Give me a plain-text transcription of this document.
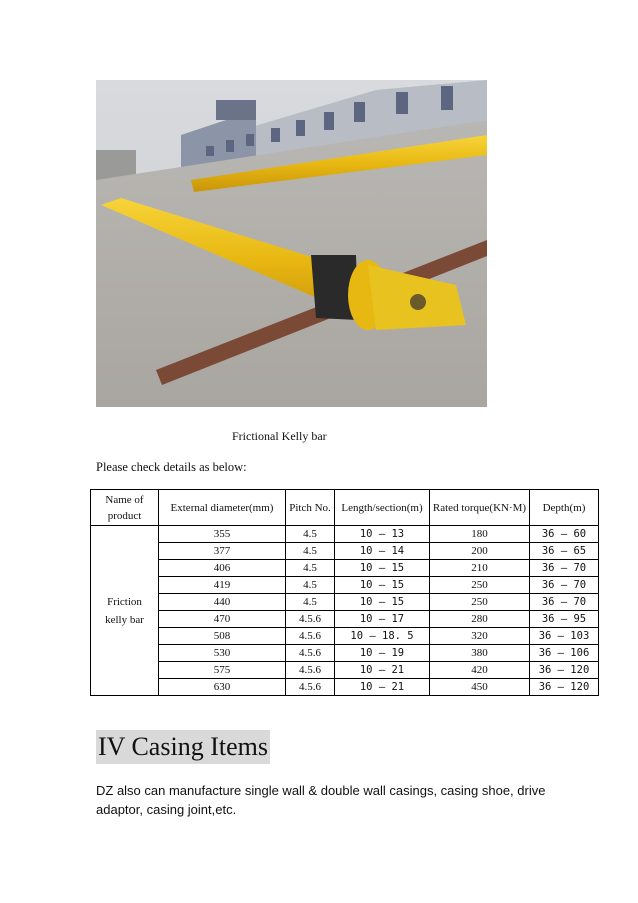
Frictional Kelly bar
Please check details as below:
Name of product	External diameter(mm)	Pitch No.	Length/section(m)	Rated torque(KN·M)	Depth(m)
Friction kelly bar	355	4.5	10 – 13	180	36 – 60
	377	4.5	10 – 14	200	36 – 65
	406	4.5	10 – 15	210	36 – 70
	419	4.5	10 – 15	250	36 – 70
	440	4.5	10 – 15	250	36 – 70
	470	4.5.6	10 – 17	280	36 – 95
	508	4.5.6	10 – 18. 5	320	36 – 103
	530	4.5.6	10 – 19	380	36 – 106
	575	4.5.6	10 – 21	420	36 – 120
	630	4.5.6	10 – 21	450	36 – 120
IV Casing Items
DZ also can manufacture single wall & double wall casings, casing shoe, drive adaptor, casing joint,etc.
